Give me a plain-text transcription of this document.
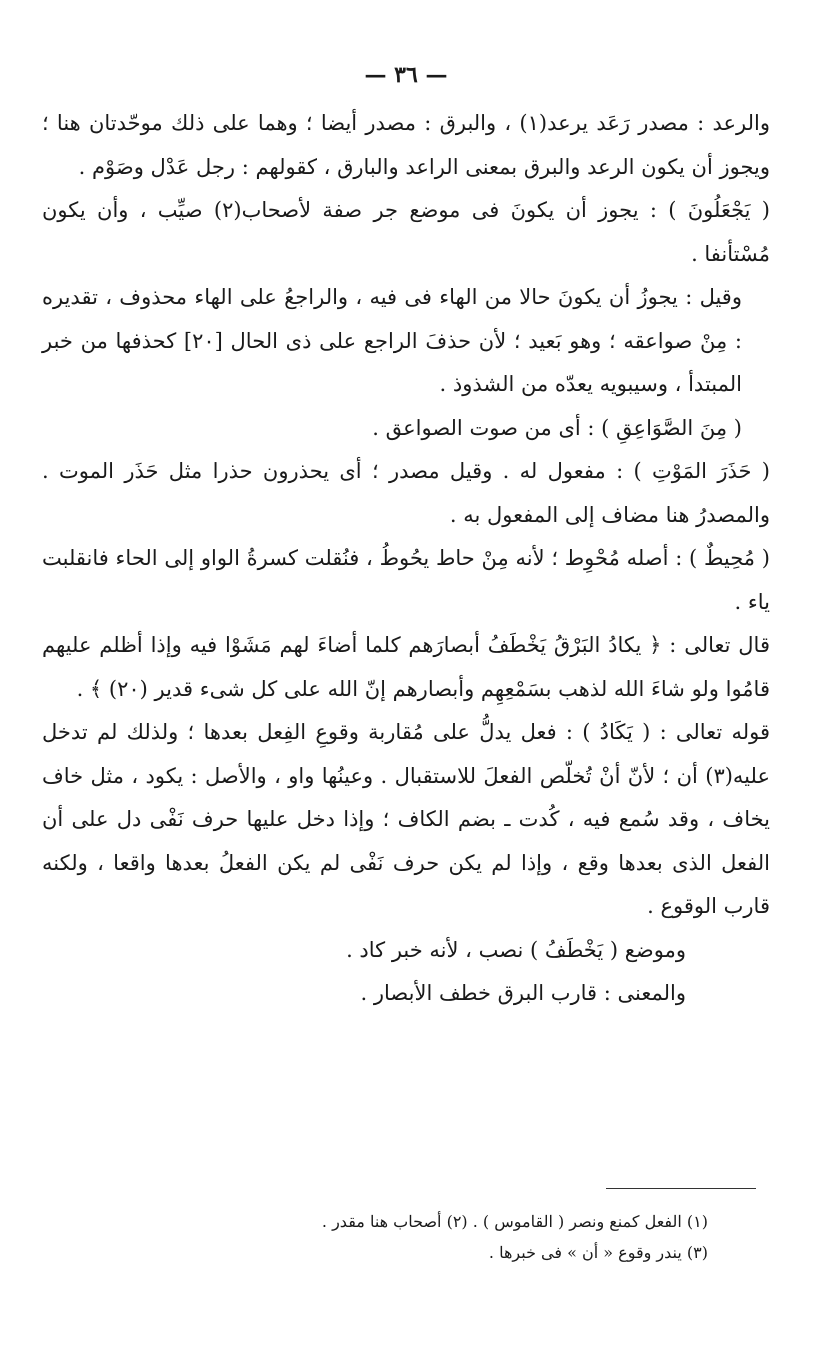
— ٣٦ —

والرعد : مصدر رَعَد يرعد(١) ، والبرق : مصدر أيضا ؛ وهما على ذلك موحّدتان هنا ؛ ويجوز أن يكون الرعد والبرق بمعنى الراعد والبارق ، كقولهم : رجل عَدْل وصَوْم .

( يَجْعَلُونَ ) : يجوز أن يكونَ فى موضع جر صفة لأصحاب(٢) صيِّب ، وأن يكون مُسْتأنفا .

وقيل : يجوزُ أن يكونَ حالا من الهاء فى فيه ، والراجعُ على الهاء محذوف ، تقديره : مِنْ صواعقه ؛ وهو بَعيد ؛ لأن حذفَ الراجع على ذى الحال [٢٠] كحذفها من خبر المبتدأ ، وسيبويه يعدّه من الشذوذ .

( مِنَ الصَّوَاعِقِ ) : أى من صوت الصواعق .

( حَذَرَ المَوْتِ ) : مفعول له . وقيل مصدر ؛ أى يحذرون حذرا مثل حَذَر الموت . والمصدرُ هنا مضاف إلى المفعول به .

( مُحِيطٌ ) : أصله مُحْوِط ؛ لأنه مِنْ حاط يحُوطُ ، فنُقلت كسرةُ الواو إلى الحاء فانقلبت ياء .

قال تعالى : ﴿ يكادُ البَرْقُ يَخْطَفُ أبصارَهم كلما أضاءَ لهم مَشَوْا فيه وإذا أظلم عليهم قامُوا ولو شاءَ الله لذهب بسَمْعِهِم وأبصارهم إنّ الله على كل شىء قدير (٢٠) ﴾ .

قوله تعالى : ( يَكَادُ ) : فعل يدلُّ على مُقاربة وقوعِ الفِعل بعدها ؛ ولذلك لم تدخل عليه(٣) أن ؛ لأنّ أنْ تُخلّص الفعلَ للاستقبال . وعينُها واو ، والأصل : يكود ، مثل خاف يخاف ، وقد سُمع فيه ، كُدت ـ بضم الكاف ؛ وإذا دخل عليها حرف نَفْى دل على أن الفعل الذى بعدها وقع ، وإذا لم يكن حرف نَفْى لم يكن الفعلُ بعدها واقعا ، ولكنه قارب الوقوع .

وموضع ( يَخْطَفُ ) نصب ، لأنه خبر كاد .

والمعنى : قارب البرق خطف الأبصار .

(١) الفعل كمنع ونصر ( القاموس ) . (٢) أصحاب هنا مقدر .

(٣) يندر وقوع « أن » فى خبرها .
